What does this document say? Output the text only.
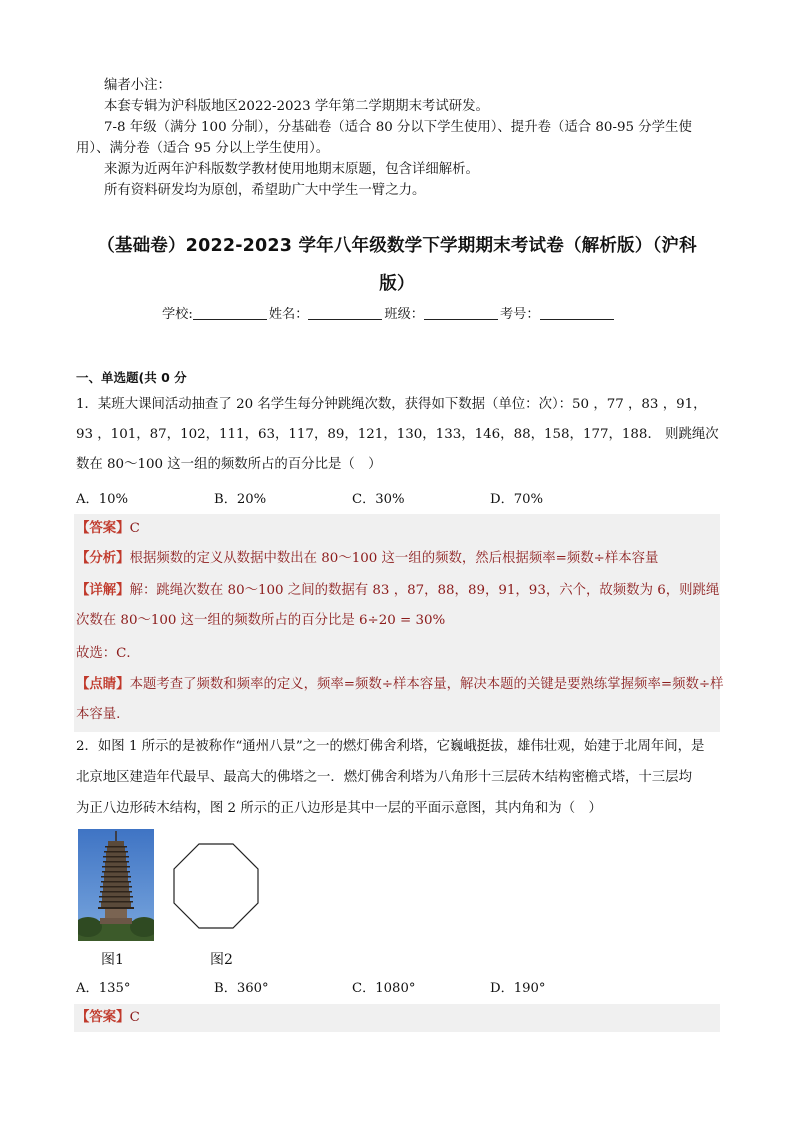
编者小注：
本套专辑为沪科版地区2022-2023 学年第二学期期末考试研发。
7-8 年级（满分 100 分制），分基础卷（适合 80 分以下学生使用）、提升卷（适合 80-95 分学生使
用）、满分卷（适合 95 分以上学生使用）。
来源为近两年沪科版数学教材使用地期末原题，包含详细解析。
所有资料研发均为原创，希望助广大中学生一臂之力。
（基础卷）2022-2023 学年八年级数学下学期期末考试卷（解析版）（沪科
版）
学校:	姓名：	班级：	考号：
一、单选题(共 0 分
1．某班大课间活动抽查了 20 名学生每分钟跳绳次数，获得如下数据（单位：次）：50 ，77 ，83 ，91，
93 ，101，87，102，111，63，117，89，121，130，133，146，88，158，177，188． 则跳绳次
数在 80～100 这一组的频数所占的百分比是（　）
A．10%	B．20%	C．30%	D．70%
【答案】C
【分析】根据频数的定义从数据中数出在 80～100 这一组的频数，然后根据频率=频数÷样本容量
【详解】解：跳绳次数在 80～100 之间的数据有 83 ，87，88，89，91，93，六个，故频数为 6，则跳绳
次数在 80～100 这一组的频数所占的百分比是 6÷20 = 30%
故选：C．
【点睛】本题考查了频数和频率的定义，频率=频数÷样本容量，解决本题的关键是要熟练掌握频率=频数÷样
本容量.
2．如图 1 所示的是被称作“通州八景”之一的燃灯佛舍利塔，它巍峨挺拔，雄伟壮观，始建于北周年间，是
北京地区建造年代最早、最高大的佛塔之一．燃灯佛舍利塔为八角形十三层砖木结构密檐式塔，十三层均
为正八边形砖木结构，图 2 所示的正八边形是其中一层的平面示意图，其内角和为（　）
图1	图2
A．135°	B．360°	C．1080°	D．190°
【答案】C
